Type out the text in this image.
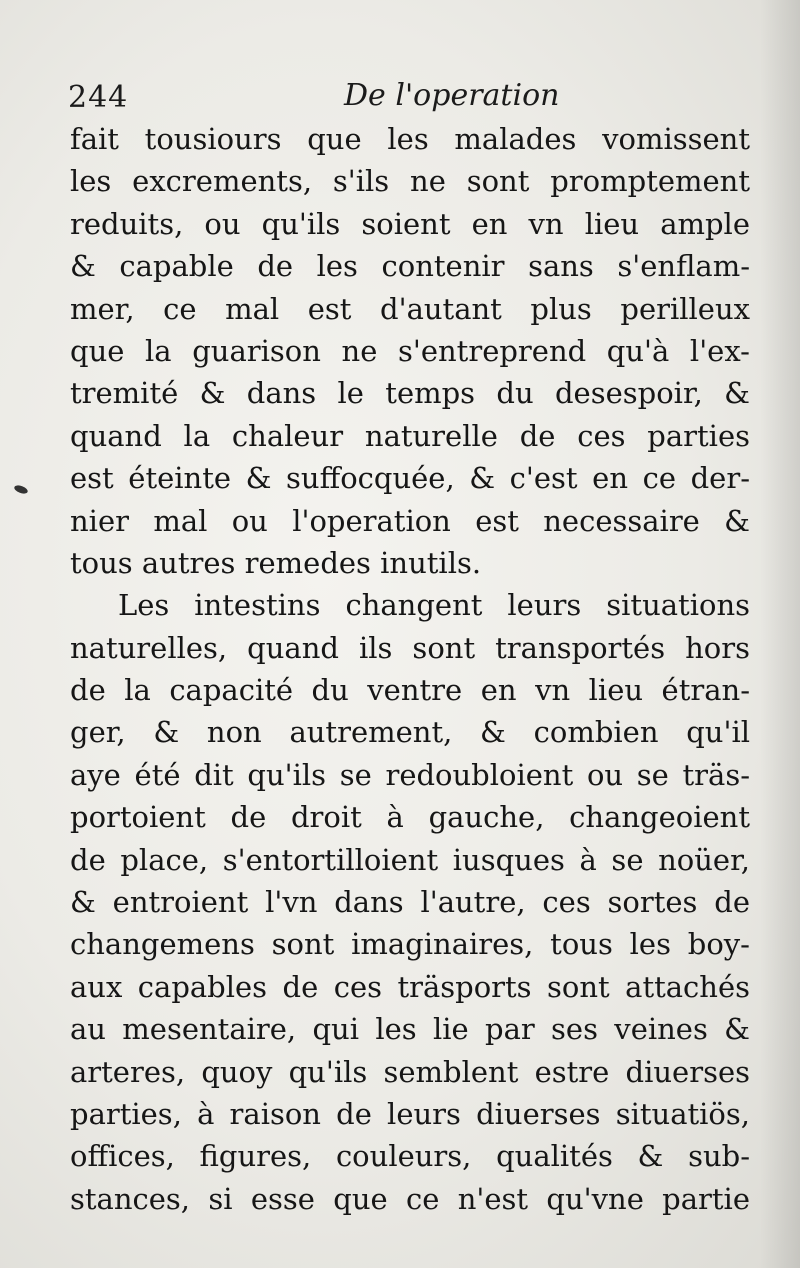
244	De l'operation
fait tousiours que les malades vomissent
les excrements, s'ils ne sont promptement
reduits, ou qu'ils soient en vn lieu ample
& capable de les contenir sans s'enflam-
mer, ce mal est d'autant plus perilleux
que la guarison ne s'entreprend qu'à l'ex-
tremité & dans le temps du desespoir, &
quand la chaleur naturelle de ces parties
est éteinte & suffocquée, & c'est en ce der-
nier mal ou l'operation est necessaire &
tous autres remedes inutils.
Les intestins changent leurs situations
naturelles, quand ils sont transportés hors
de la capacité du ventre en vn lieu étran-
ger, & non autrement, & combien qu'il
aye été dit qu'ils se redoubloient ou se träs-
portoient de droit à gauche, changeoient
de place, s'entortilloient iusques à se noüer,
& entroient l'vn dans l'autre, ces sortes de
changemens sont imaginaires, tous les boy-
aux capables de ces träsports sont attachés
au mesentaire, qui les lie par ses veines &
arteres, quoy qu'ils semblent estre diuerses
parties, à raison de leurs diuerses situatiös,
offices, figures, couleurs, qualités & sub-
stances, si esse que ce n'est qu'vne partie
